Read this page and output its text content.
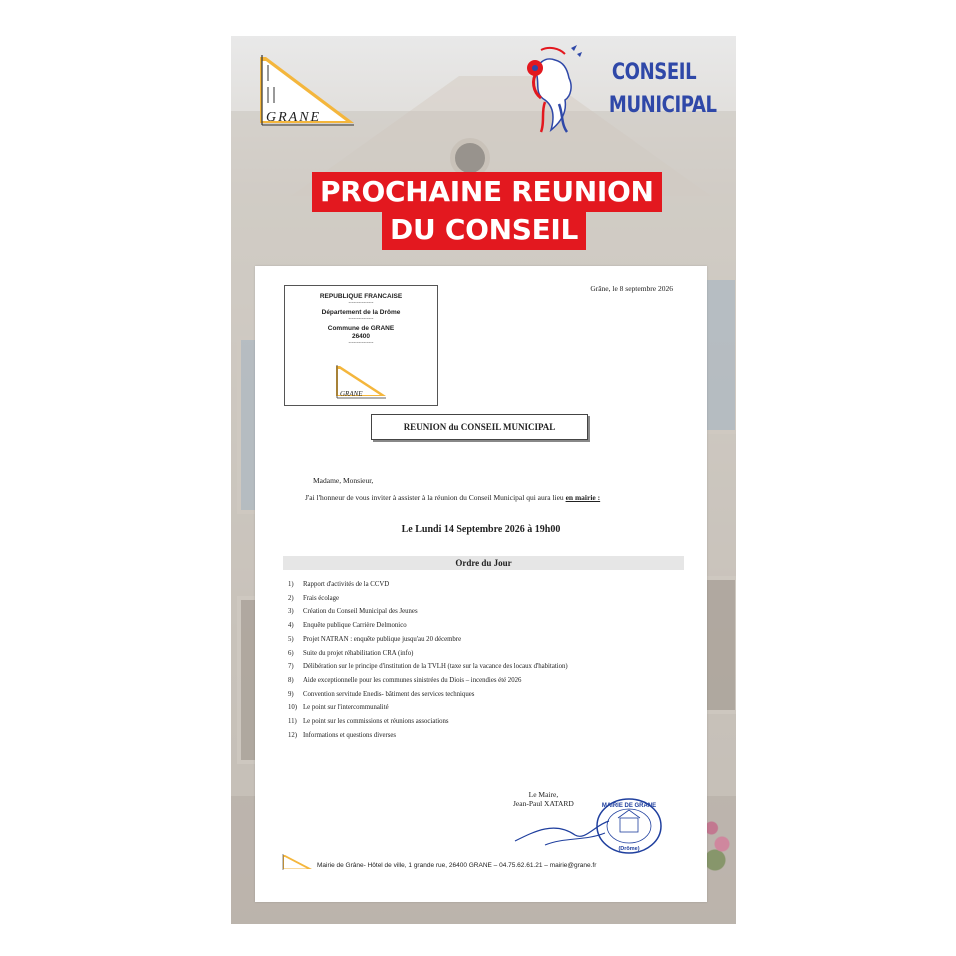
GRANE
CONSEIL
MUNICIPAL
PROCHAINE REUNION
DU CONSEIL
REPUBLIQUE FRANCAISE
---------------
Département de la Drôme
---------------
Commune de GRANE
26400
---------------
GRANE
Grâne, le 8 septembre 2026
REUNION du CONSEIL MUNICIPAL
Madame, Monsieur,
J'ai l'honneur de vous inviter à assister à la réunion du Conseil Municipal qui aura lieu en mairie :
Le Lundi 14 Septembre 2026 à 19h00
Ordre du Jour
1) Rapport d'activités de la CCVD
2) Frais écolage
3) Création du Conseil Municipal des Jeunes
4) Enquête publique Carrière Delmonico
5) Projet NATRAN : enquête publique jusqu'au 20 décembre
6) Suite du projet réhabilitation CRA (info)
7) Délibération sur le principe d'institution de la TVLH (taxe sur la vacance des locaux d'habitation)
8) Aide exceptionnelle pour les communes sinistrées du Diois – incendies été 2026
9) Convention servitude Enedis- bâtiment des services techniques
10) Le point sur l'intercommunalité
11) Le point sur les commissions et réunions associations
12) Informations et questions diverses
Le Maire,
Jean-Paul XATARD	MAIRIE DE GRANE
(Drôme)
Mairie de Grâne- Hôtel de ville, 1 grande rue, 26400 GRANE – 04.75.62.61.21 – mairie@grane.fr
